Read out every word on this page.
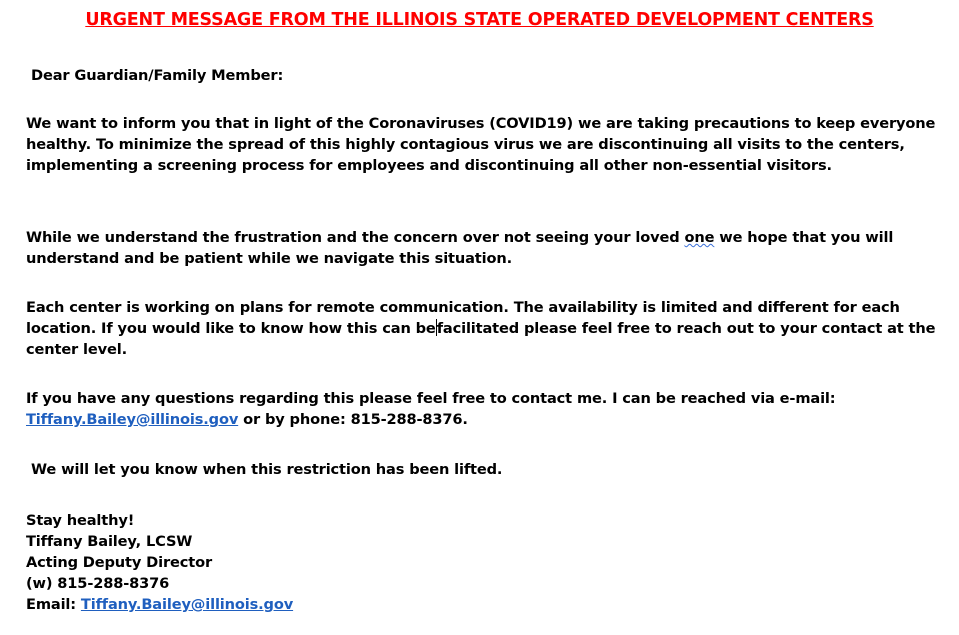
URGENT MESSAGE FROM THE ILLINOIS STATE OPERATED DEVELOPMENT CENTERS

Dear Guardian/Family Member:

We want to inform you that in light of the Coronaviruses (COVID19) we are taking precautions to keep everyone healthy. To minimize the spread of this highly contagious virus we are discontinuing all visits to the centers, implementing a screening process for employees and discontinuing all other non-essential visitors.

While we understand the frustration and the concern over not seeing your loved one we hope that you will understand and be patient while we navigate this situation.

Each center is working on plans for remote communication. The availability is limited and different for each location. If you would like to know how this can befacilitated please feel free to reach out to your contact at the center level.

If you have any questions regarding this please feel free to contact me. I can be reached via e-mail: Tiffany.Bailey@illinois.gov or by phone: 815-288-8376.

We will let you know when this restriction has been lifted.

Stay healthy!
Tiffany Bailey, LCSW
Acting Deputy Director
(w) 815-288-8376
Email: Tiffany.Bailey@illinois.gov
